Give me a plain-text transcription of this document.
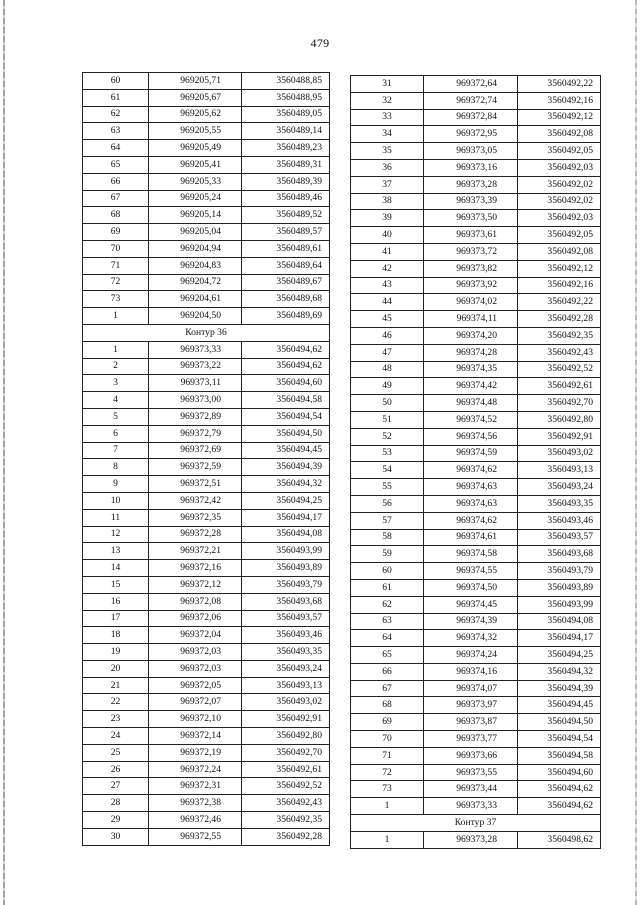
479
60	969205,71	3560488,85
61	969205,67	3560488,95
62	969205,62	3560489,05
63	969205,55	3560489,14
64	969205,49	3560489,23
65	969205,41	3560489,31
66	969205,33	3560489,39
67	969205,24	3560489,46
68	969205,14	3560489,52
69	969205,04	3560489,57
70	969204,94	3560489,61
71	969204,83	3560489,64
72	969204,72	3560489,67
73	969204,61	3560489,68
1	969204,50	3560489,69
Контур 36		
1	969373,33	3560494,62
2	969373,22	3560494,62
3	969373,11	3560494,60
4	969373,00	3560494,58
5	969372,89	3560494,54
6	969372,79	3560494,50
7	969372,69	3560494,45
8	969372,59	3560494,39
9	969372,51	3560494,32
10	969372,42	3560494,25
11	969372,35	3560494,17
12	969372,28	3560494,08
13	969372,21	3560493,99
14	969372,16	3560493,89
15	969372,12	3560493,79
16	969372,08	3560493,68
17	969372,06	3560493,57
18	969372,04	3560493,46
19	969372,03	3560493,35
20	969372,03	3560493,24
21	969372,05	3560493,13
22	969372,07	3560493,02
23	969372,10	3560492,91
24	969372,14	3560492,80
25	969372,19	3560492,70
26	969372,24	3560492,61
27	969372,31	3560492,52
28	969372,38	3560492,43
29	969372,46	3560492,35
30	969372,55	3560492,28
31	969372,64	3560492,22
32	969372,74	3560492,16
33	969372,84	3560492,12
34	969372,95	3560492,08
35	969373,05	3560492,05
36	969373,16	3560492,03
37	969373,28	3560492,02
38	969373,39	3560492,02
39	969373,50	3560492,03
40	969373,61	3560492,05
41	969373,72	3560492,08
42	969373,82	3560492,12
43	969373,92	3560492,16
44	969374,02	3560492,22
45	969374,11	3560492,28
46	969374,20	3560492,35
47	969374,28	3560492,43
48	969374,35	3560492,52
49	969374,42	3560492,61
50	969374,48	3560492,70
51	969374,52	3560492,80
52	969374,56	3560492,91
53	969374,59	3560493,02
54	969374,62	3560493,13
55	969374,63	3560493,24
56	969374,63	3560493,35
57	969374,62	3560493,46
58	969374,61	3560493,57
59	969374,58	3560493,68
60	969374,55	3560493,79
61	969374,50	3560493,89
62	969374,45	3560493,99
63	969374,39	3560494,08
64	969374,32	3560494,17
65	969374,24	3560494,25
66	969374,16	3560494,32
67	969374,07	3560494,39
68	969373,97	3560494,45
69	969373,87	3560494,50
70	969373,77	3560494,54
71	969373,66	3560494,58
72	969373,55	3560494,60
73	969373,44	3560494,62
1	969373,33	3560494,62
Контур 37		
1	969373,28	3560498,62
